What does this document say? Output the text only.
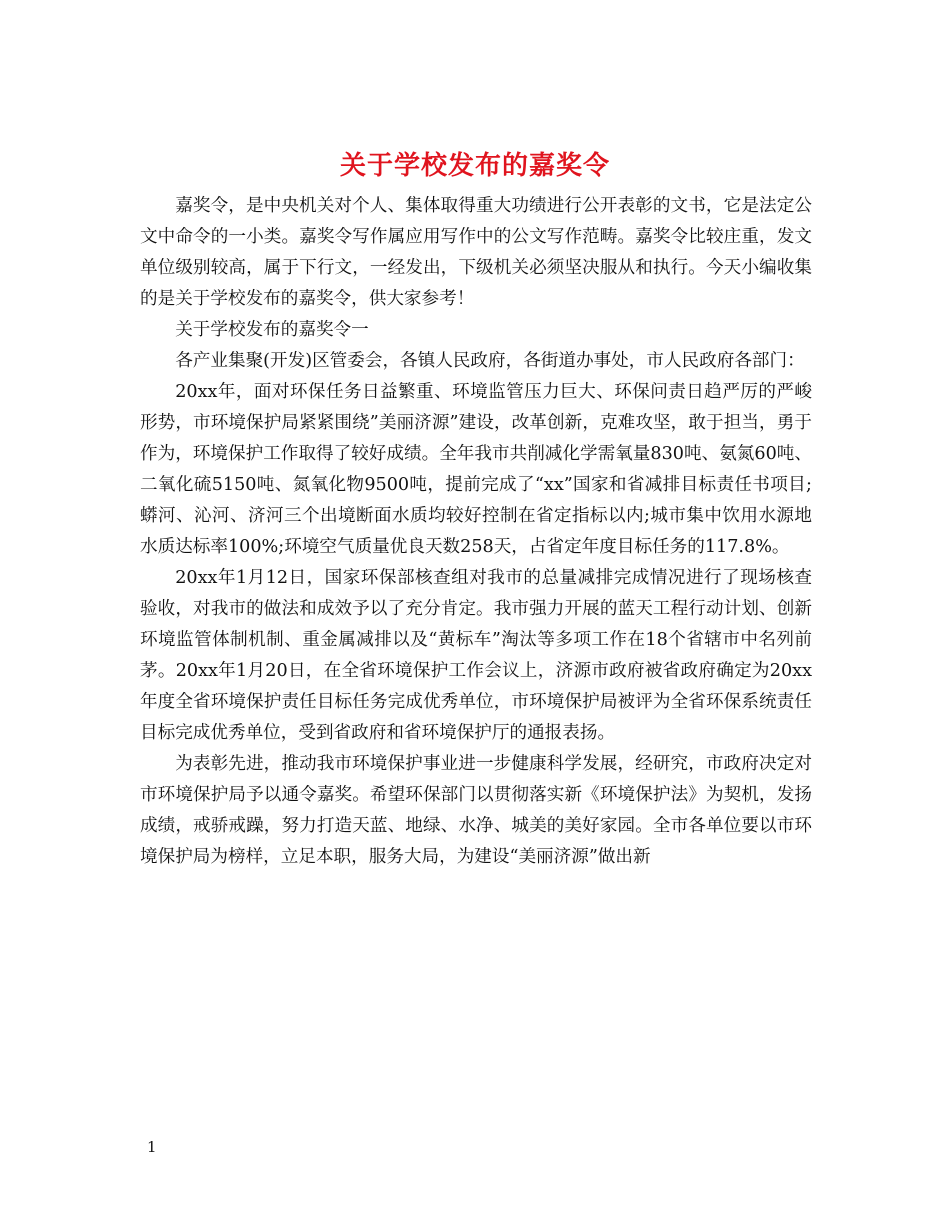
关于学校发布的嘉奖令

嘉奖令，是中央机关对个人、集体取得重大功绩进行公开表彰的文书，它是法定公文中命令的一小类。嘉奖令写作属应用写作中的公文写作范畴。嘉奖令比较庄重，发文单位级别较高，属于下行文，一经发出，下级机关必须坚决服从和执行。今天小编收集的是关于学校发布的嘉奖令，供大家参考！

关于学校发布的嘉奖令一

各产业集聚(开发)区管委会，各镇人民政府，各街道办事处，市人民政府各部门：

20xx年，面对环保任务日益繁重、环境监管压力巨大、环保问责日趋严厉的严峻形势，市环境保护局紧紧围绕”美丽济源”建设，改革创新，克难攻坚，敢于担当，勇于作为，环境保护工作取得了较好成绩。全年我市共削减化学需氧量830吨、氨氮60吨、二氧化硫5150吨、氮氧化物9500吨，提前完成了“xx”国家和省减排目标责任书项目;蟒河、沁河、济河三个出境断面水质均较好控制在省定指标以内;城市集中饮用水源地水质达标率100%;环境空气质量优良天数258天，占省定年度目标任务的117.8%。

20xx年1月12日，国家环保部核查组对我市的总量减排完成情况进行了现场核查验收，对我市的做法和成效予以了充分肯定。我市强力开展的蓝天工程行动计划、创新环境监管体制机制、重金属减排以及“黄标车”淘汰等多项工作在18个省辖市中名列前茅。20xx年1月20日，在全省环境保护工作会议上，济源市政府被省政府确定为20xx年度全省环境保护责任目标任务完成优秀单位，市环境保护局被评为全省环保系统责任目标完成优秀单位，受到省政府和省环境保护厅的通报表扬。

为表彰先进，推动我市环境保护事业进一步健康科学发展，经研究，市政府决定对市环境保护局予以通令嘉奖。希望环保部门以贯彻落实新《环境保护法》为契机，发扬成绩，戒骄戒躁，努力打造天蓝、地绿、水净、城美的美好家园。全市各单位要以市环境保护局为榜样，立足本职，服务大局，为建设“美丽济源”做出新

1
